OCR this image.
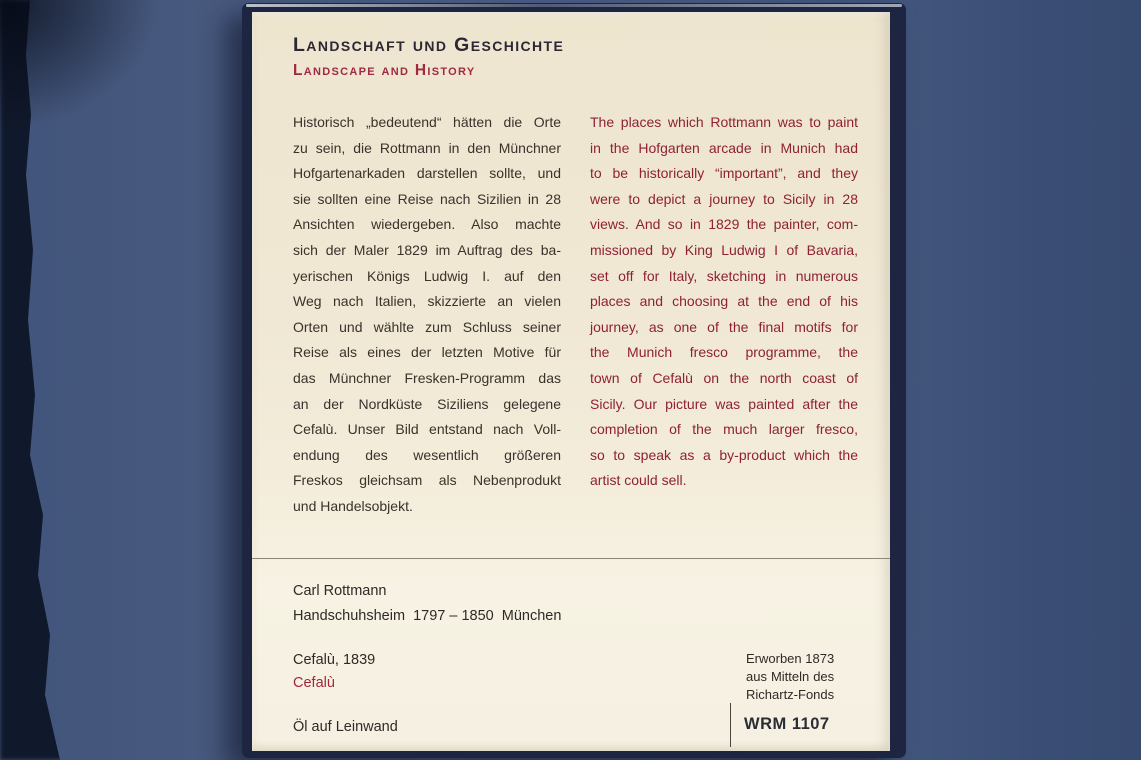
Landschaft und Geschichte
Landscape and History
Historisch „bedeutend“ hätten die Orte
zu sein, die Rottmann in den Münchner
Hofgartenarkaden darstellen sollte, und
sie sollten eine Reise nach Sizilien in 28
Ansichten wiedergeben. Also machte
sich der Maler 1829 im Auftrag des ba-
yerischen Königs Ludwig I. auf den
Weg nach Italien, skizzierte an vielen
Orten und wählte zum Schluss seiner
Reise als eines der letzten Motive für
das Münchner Fresken-Programm das
an der Nordküste Siziliens gelegene
Cefalù. Unser Bild entstand nach Voll-
endung des wesentlich größeren
Freskos gleichsam als Nebenprodukt
und Handelsobjekt.
The places which Rottmann was to paint
in the Hofgarten arcade in Munich had
to be historically “important”, and they
were to depict a journey to Sicily in 28
views. And so in 1829 the painter, com-
missioned by King Ludwig I of Bavaria,
set off for Italy, sketching in numerous
places and choosing at the end of his
journey, as one of the final motifs for
the Munich fresco programme, the
town of Cefalù on the north coast of
Sicily. Our picture was painted after the
completion of the much larger fresco,
so to speak as a by-product which the
artist could sell.
Carl Rottmann
Handschuhsheim  1797 – 1850  München
Cefalù, 1839
Cefalù
Öl auf Leinwand
Erworben 1873
aus Mitteln des
Richartz-Fonds
WRM 1107
